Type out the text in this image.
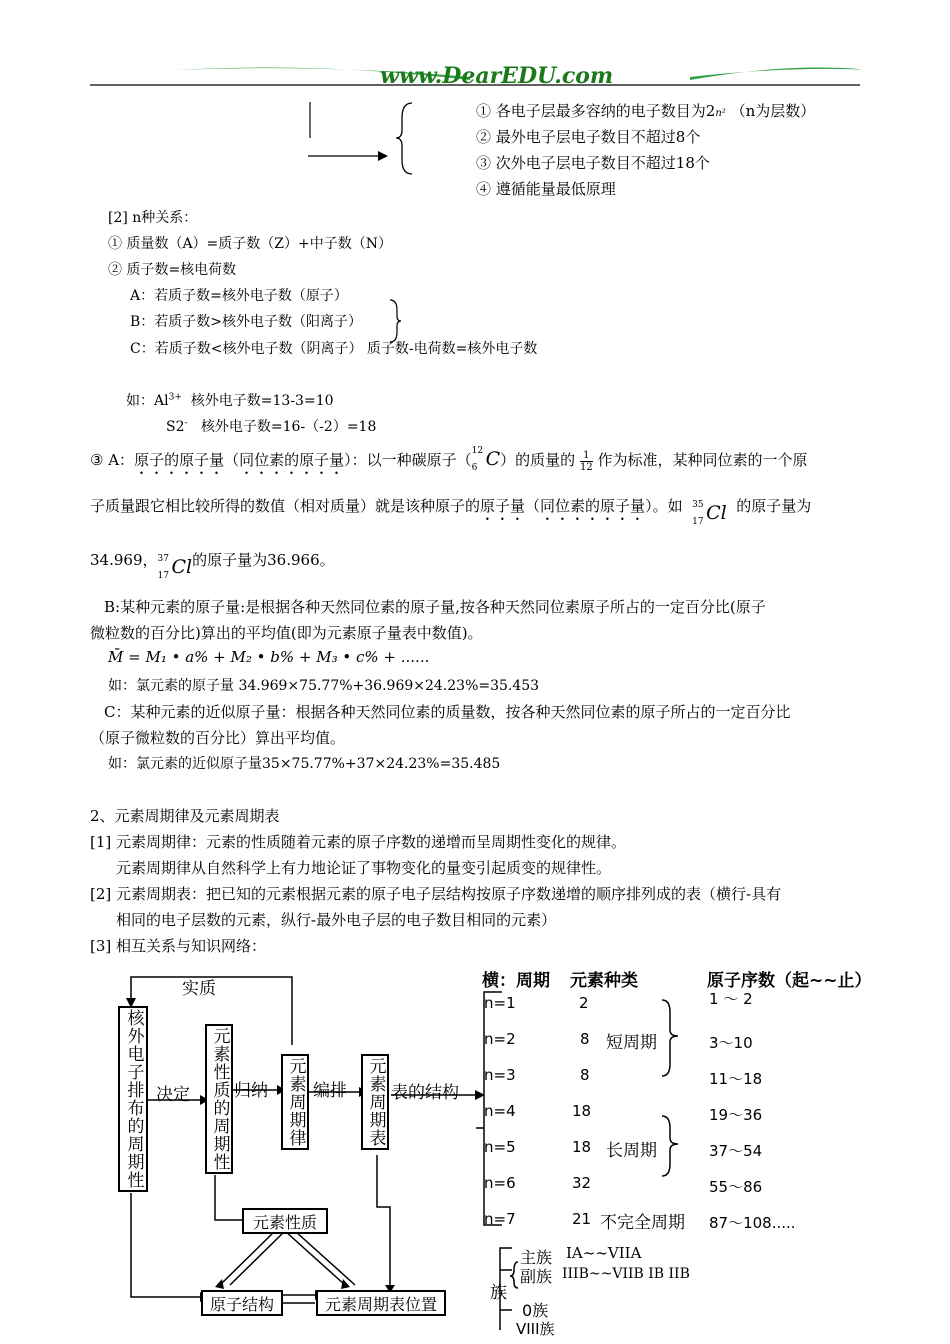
www.DearEDU.com
① 各电子层最多容纳的电子数目为2n² （n为层数）
② 最外电子层电子数目不超过8个
③ 次外电子层电子数目不超过18个
④ 遵循能量最低原理
[2] n种关系：
① 质量数（A）=质子数（Z）+中子数（N）
② 质子数=核电荷数
A：若质子数=核外电子数（原子）
B：若质子数>核外电子数（阳离子）
C：若质子数<核外电子数（阴离子） 质子数-电荷数=核外电子数
如：$Al^{3+}$ 核外电子数=13-3=10
S2- 核外电子数=16-（-2）=18
③ A：原子的原子量（同位素的原子量）：以一种碳原子（ 12
6 C）的质量的 $\frac{1}{12}$ 作为标准，某种同位素的一个原
子质量跟它相比较所得的数值（相对质量）就是该种原子的原子量（同位素的原子量）。如 35
17 Cl 的原子量为
34.969， 37
17 Cl的原子量为36.966。
B:某种元素的原子量:是根据各种天然同位素的原子量,按各种天然同位素原子所占的一定百分比(原子
微粒数的百分比)算出的平均值(即为元素原子量表中数值)。
M̄ = M₁ • a% + M₂ • b% + M₃ • c% + ......
如：氯元素的原子量 34.969×75.77%+36.969×24.23%=35.453
C：某种元素的近似原子量：根据各种天然同位素的质量数，按各种天然同位素的原子所占的一定百分比
（原子微粒数的百分比）算出平均值。
如：氯元素的近似原子量35×75.77%+37×24.23%=35.485
2、元素周期律及元素周期表
[1] 元素周期律：元素的性质随着元素的原子序数的递增而呈周期性变化的规律。
元素周期律从自然科学上有力地论证了事物变化的量变引起质变的规律性。
[2] 元素周期表：把已知的元素根据元素的原子电子层结构按原子序数递增的顺序排列成的表（横行-具有
相同的电子层数的元素，纵行-最外电子层的电子数目相同的元素）
[3] 相互关系与知识网络：
核外电子排布的周期性	元素性质的周期性	元素周期律	元素周期表
实质
决定	归纳	编排	表的结构
元素性质
原子结构	元素周期表位置
横：周期 元素种类	原子序数（起~~止）
n=1	2	1 ～ 2
n=2	8	3～10
n=3	8	11～18
n=4	18	19～36
n=5	18	37～54
n=6	32	55～86
n=7	21	87～108.....
短周期
长周期
不完全周期
族
主族 IA~~VIIA
副族 IIIB~~VIIB IB IIB
0族
VIII族
